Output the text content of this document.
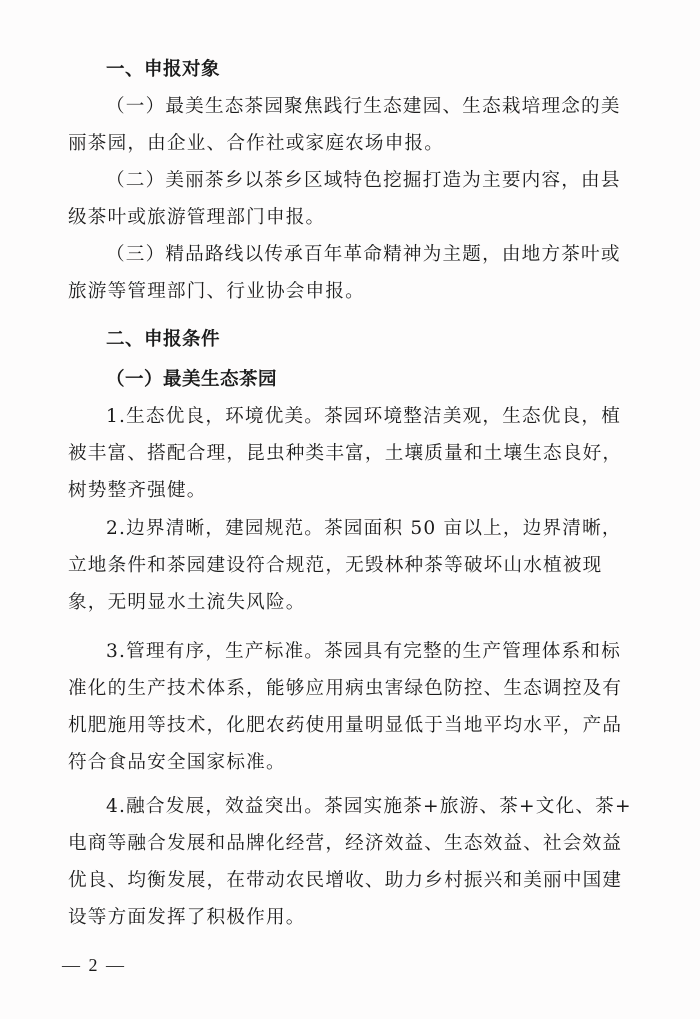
一、申报对象
（一）最美生态茶园聚焦践行生态建园、生态栽培理念的美
丽茶园，由企业、合作社或家庭农场申报。
（二）美丽茶乡以茶乡区域特色挖掘打造为主要内容，由县
级茶叶或旅游管理部门申报。
（三）精品路线以传承百年革命精神为主题，由地方茶叶或
旅游等管理部门、行业协会申报。
二、申报条件
（一）最美生态茶园
1.生态优良，环境优美。茶园环境整洁美观，生态优良，植
被丰富、搭配合理，昆虫种类丰富，土壤质量和土壤生态良好，
树势整齐强健。
2.边界清晰，建园规范。茶园面积 50 亩以上，边界清晰，
立地条件和茶园建设符合规范，无毁林种茶等破坏山水植被现
象，无明显水土流失风险。
3.管理有序，生产标准。茶园具有完整的生产管理体系和标
准化的生产技术体系，能够应用病虫害绿色防控、生态调控及有
机肥施用等技术，化肥农药使用量明显低于当地平均水平，产品
符合食品安全国家标准。
4.融合发展，效益突出。茶园实施茶+旅游、茶+文化、茶+
电商等融合发展和品牌化经营，经济效益、生态效益、社会效益
优良、均衡发展，在带动农民增收、助力乡村振兴和美丽中国建
设等方面发挥了积极作用。
— 2 —
